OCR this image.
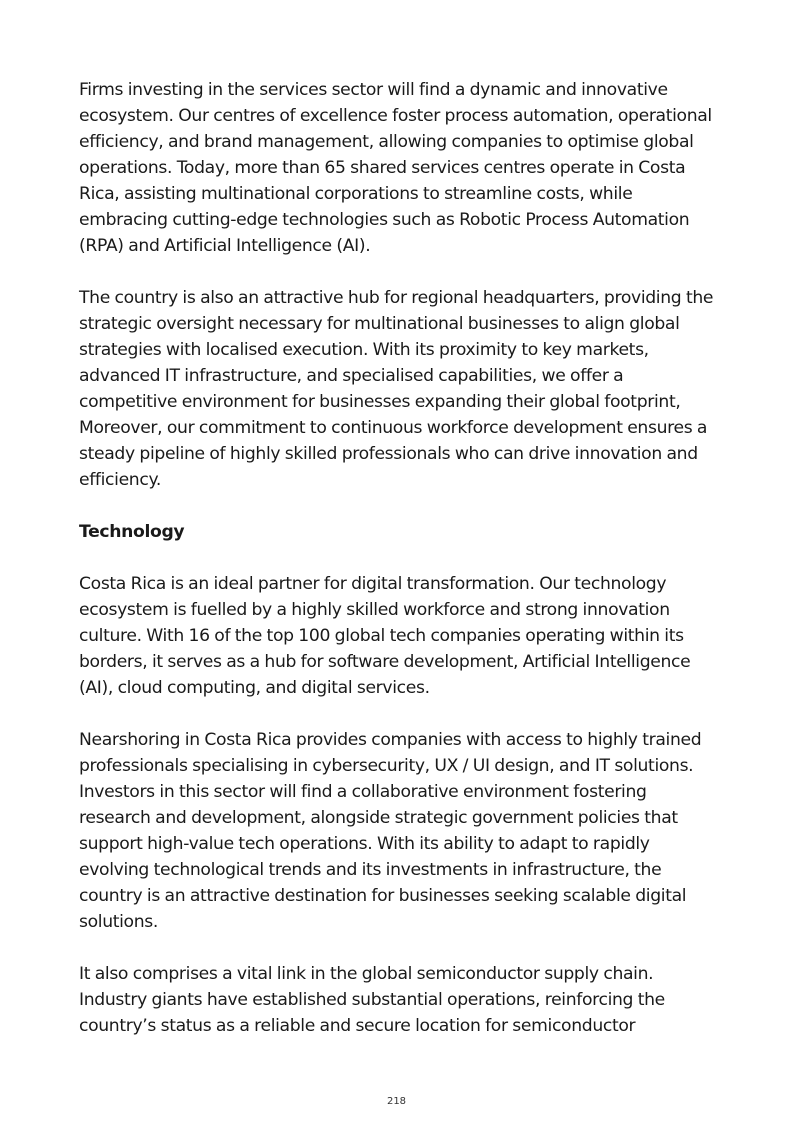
Firms investing in the services sector will find a dynamic and innovative ecosystem. Our centres of excellence foster process automation, operational efficiency, and brand management, allowing companies to optimise global operations. Today, more than 65 shared services centres operate in Costa Rica, assisting multinational corporations to streamline costs, while embracing cutting-edge technologies such as Robotic Process Automation (RPA) and Artificial Intelligence (AI).

The country is also an attractive hub for regional headquarters, providing the strategic oversight necessary for multinational businesses to align global strategies with localised execution. With its proximity to key markets, advanced IT infrastructure, and specialised capabilities, we offer a competitive environment for businesses expanding their global footprint, Moreover, our commitment to continuous workforce development ensures a steady pipeline of highly skilled professionals who can drive innovation and efficiency.

Technology

Costa Rica is an ideal partner for digital transformation. Our technology ecosystem is fuelled by a highly skilled workforce and strong innovation culture. With 16 of the top 100 global tech companies operating within its borders, it serves as a hub for software development, Artificial Intelligence (AI), cloud computing, and digital services.

Nearshoring in Costa Rica provides companies with access to highly trained professionals specialising in cybersecurity, UX / UI design, and IT solutions. Investors in this sector will find a collaborative environment fostering research and development, alongside strategic government policies that support high-value tech operations. With its ability to adapt to rapidly evolving technological trends and its investments in infrastructure, the country is an attractive destination for businesses seeking scalable digital solutions.

It also comprises a vital link in the global semiconductor supply chain. Industry giants have established substantial operations, reinforcing the country’s status as a reliable and secure location for semiconductor

218
